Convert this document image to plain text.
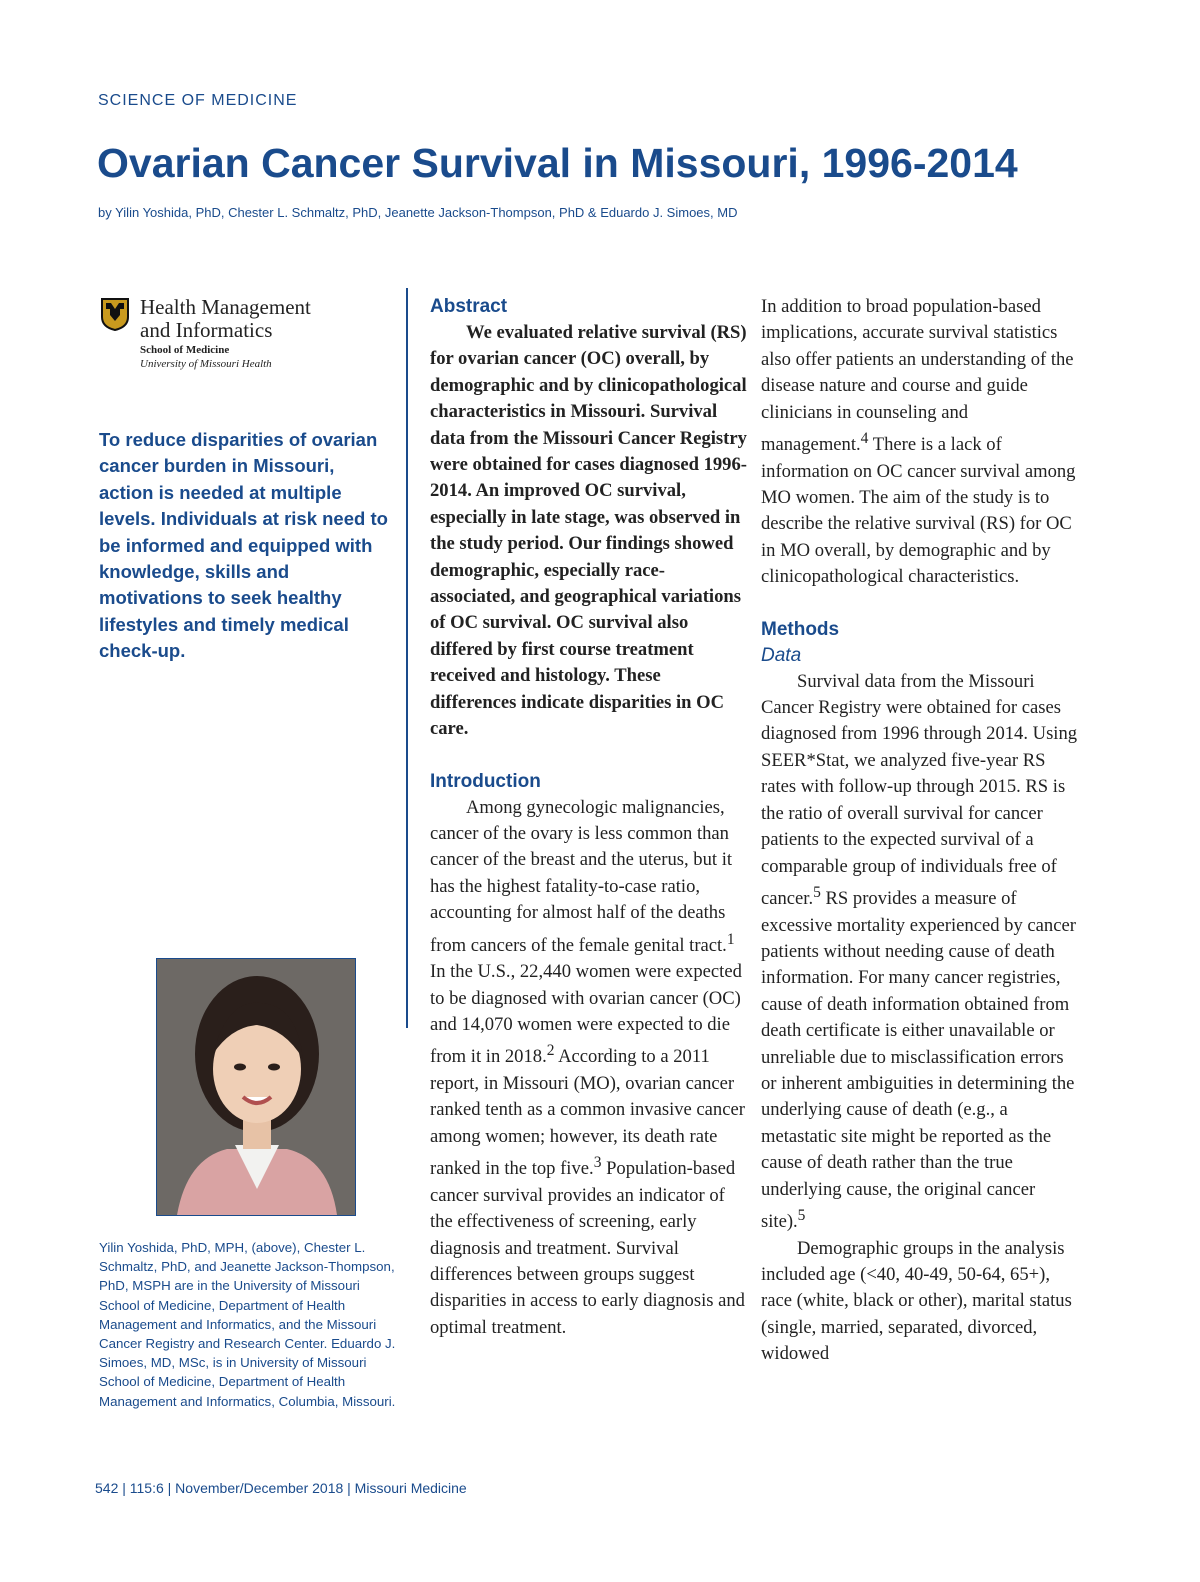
SCIENCE OF MEDICINE
Ovarian Cancer Survival in Missouri, 1996-2014
by Yilin Yoshida, PhD, Chester L. Schmaltz, PhD, Jeanette Jackson-Thompson, PhD & Eduardo J. Simoes, MD
Health Management
and Informatics
School of Medicine
University of Missouri Health
To reduce disparities of ovarian cancer burden in Missouri, action is needed at multiple levels. Individuals at risk need to be informed and equipped with knowledge, skills and motivations to seek healthy lifestyles and timely medical check-up.
Yilin Yoshida, PhD, MPH, (above), Chester L. Schmaltz, PhD, and Jeanette Jackson-Thompson, PhD, MSPH are in the University of Missouri School of Medicine, Department of Health Management and Informatics, and the Missouri Cancer Registry and Research Center. Eduardo J. Simoes, MD, MSc, is in University of Missouri School of Medicine, Department of Health Management and Informatics, Columbia, Missouri.
Abstract
We evaluated relative survival (RS) for ovarian cancer (OC) overall, by demographic and by clinicopathological characteristics in Missouri. Survival data from the Missouri Cancer Registry were obtained for cases diagnosed 1996-2014. An improved OC survival, especially in late stage, was observed in the study period. Our findings showed demographic, especially race-associated, and geographical variations of OC survival. OC survival also differed by first course treatment received and histology. These differences indicate disparities in OC care.
Introduction
Among gynecologic malignancies, cancer of the ovary is less common than cancer of the breast and the uterus, but it has the highest fatality-to-case ratio, accounting for almost half of the deaths from cancers of the female genital tract.$^1$ In the U.S., 22,440 women were expected to be diagnosed with ovarian cancer (OC) and 14,070 women were expected to die from it in 2018.$^2$ According to a 2011 report, in Missouri (MO), ovarian cancer ranked tenth as a common invasive cancer among women; however, its death rate ranked in the top five.$^3$ Population-based cancer survival provides an indicator of the effectiveness of screening, early diagnosis and treatment. Survival differences between groups suggest disparities in access to early diagnosis and optimal treatment.
In addition to broad population-based implications, accurate survival statistics also offer patients an understanding of the disease nature and course and guide clinicians in counseling and management.$^4$ There is a lack of information on OC cancer survival among MO women. The aim of the study is to describe the relative survival (RS) for OC in MO overall, by demographic and by clinicopathological characteristics.
Methods
Data
Survival data from the Missouri Cancer Registry were obtained for cases diagnosed from 1996 through 2014. Using SEER*Stat, we analyzed five-year RS rates with follow-up through 2015. RS is the ratio of overall survival for cancer patients to the expected survival of a comparable group of individuals free of cancer.$^5$ RS provides a measure of excessive mortality experienced by cancer patients without needing cause of death information. For many cancer registries, cause of death information obtained from death certificate is either unavailable or unreliable due to misclassification errors or inherent ambiguities in determining the underlying cause of death (e.g., a metastatic site might be reported as the cause of death rather than the true underlying cause, the original cancer site).$^5$
Demographic groups in the analysis included age (<40, 40-49, 50-64, 65+), race (white, black or other), marital status (single, married, separated, divorced, widowed
542 | 115:6 | November/December 2018 | Missouri Medicine
